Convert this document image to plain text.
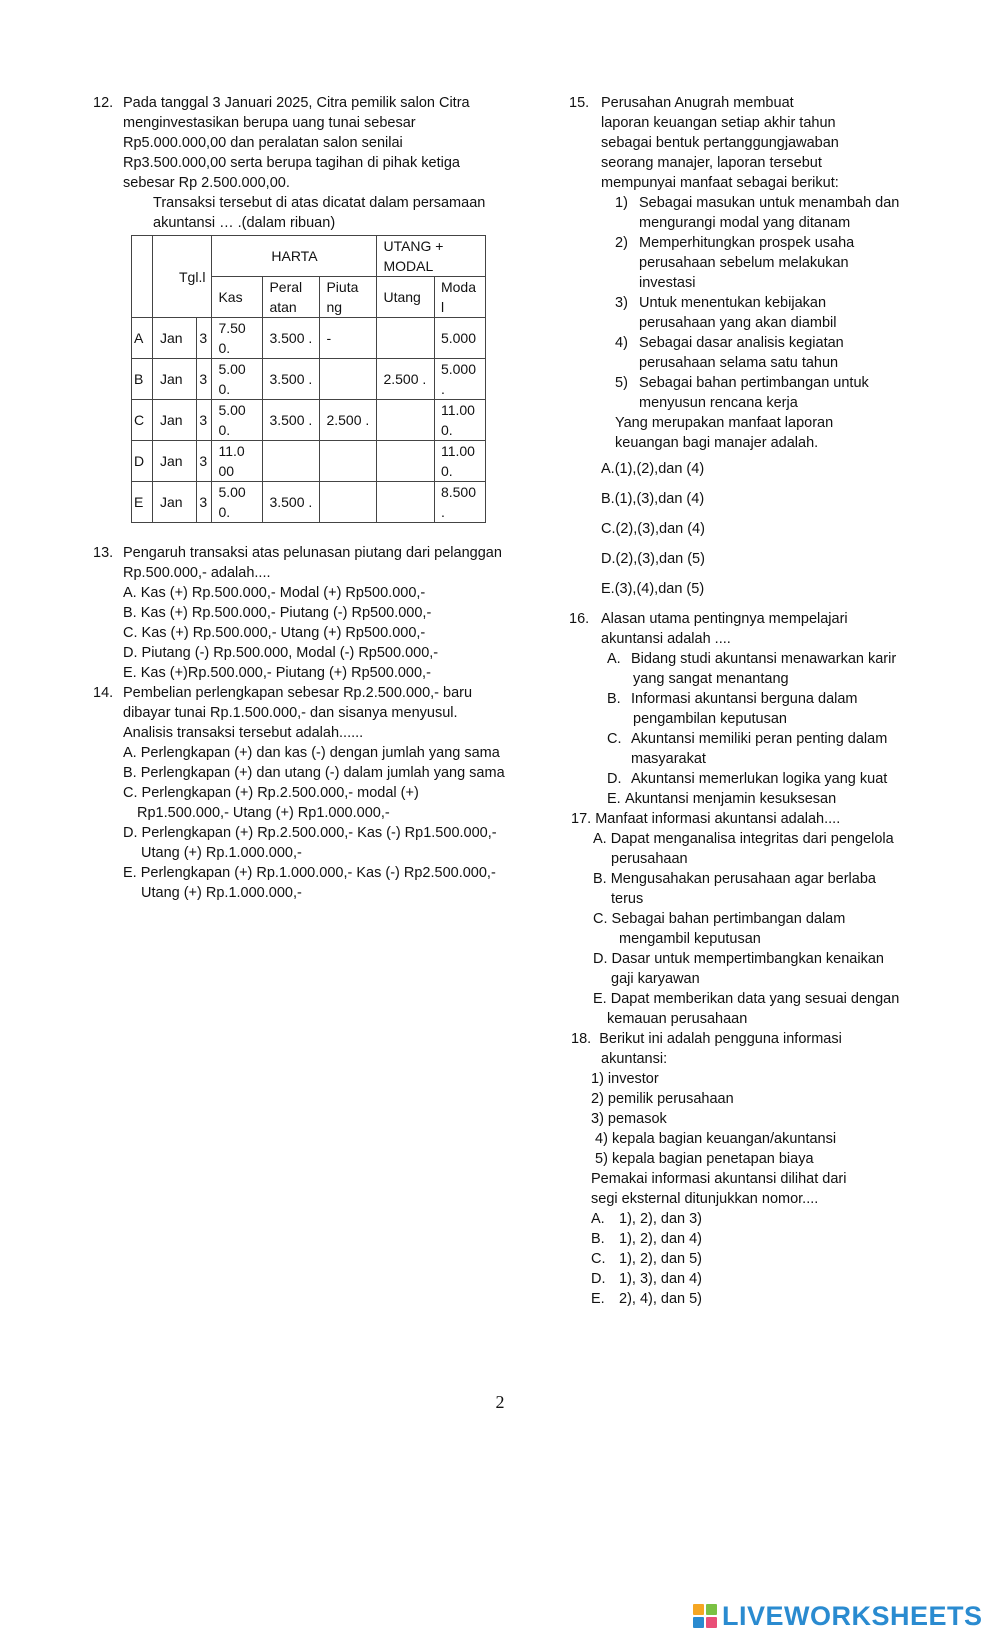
12. Pada tanggal 3 Januari 2025, Citra pemilik salon Citra
menginvestasikan berupa uang tunai sebesar
Rp5.000.000,00 dan peralatan salon senilai
Rp3.500.000,00 serta berupa tagihan di pihak ketiga
sebesar Rp 2.500.000,00.
Transaksi tersebut di atas dicatat dalam persamaan
akuntansi … .(dalam ribuan)
	Tgl.l		HARTA			UTANG + MODAL	
			Kas	Peral atan	Piuta ng	Utang	Moda l
A	Jan	3	7.50 0.	3.500 .	-		5.000
B	Jan	3	5.00 0.	3.500 .		2.500 .	5.000 .
C	Jan	3	5.00 0.	3.500 .	2.500 .		11.00 0.
D	Jan	3	11.0 00				11.00 0.
E	Jan	3	5.00 0.	3.500 .			8.500 .
13. Pengaruh transaksi atas pelunasan piutang dari pelanggan
Rp.500.000,- adalah....
A. Kas (+) Rp.500.000,- Modal (+) Rp500.000,-
B. Kas (+) Rp.500.000,- Piutang (-) Rp500.000,-
C. Kas (+) Rp.500.000,- Utang (+) Rp500.000,-
D. Piutang (-) Rp.500.000, Modal (-) Rp500.000,-
E. Kas (+)Rp.500.000,- Piutang (+) Rp500.000,-
14. Pembelian perlengkapan sebesar Rp.2.500.000,- baru
dibayar tunai Rp.1.500.000,- dan sisanya menyusul.
Analisis transaksi tersebut adalah......
A. Perlengkapan (+) dan kas (-) dengan jumlah yang sama
B. Perlengkapan (+) dan utang (-) dalam jumlah yang sama
C. Perlengkapan (+) Rp.2.500.000,- modal (+)
Rp1.500.000,- Utang (+) Rp1.000.000,-
D. Perlengkapan (+) Rp.2.500.000,- Kas (-) Rp1.500.000,-
Utang (+) Rp.1.000.000,-
E. Perlengkapan (+) Rp.1.000.000,- Kas (-) Rp2.500.000,-
Utang (+) Rp.1.000.000,-
15. Perusahan Anugrah membuat
laporan keuangan setiap akhir tahun
sebagai bentuk pertanggungjawaban
seorang manajer, laporan tersebut
mempunyai manfaat sebagai berikut:
1) Sebagai masukan untuk menambah dan
mengurangi modal yang ditanam
2) Memperhitungkan prospek usaha
perusahaan sebelum melakukan
investasi
3) Untuk menentukan kebijakan
perusahaan yang akan diambil
4) Sebagai dasar analisis kegiatan
perusahaan selama satu tahun
5) Sebagai bahan pertimbangan untuk
menyusun rencana kerja
Yang merupakan manfaat laporan
keuangan bagi manajer adalah.
A.(1),(2),dan (4)
B.(1),(3),dan (4)
C.(2),(3),dan (4)
D.(2),(3),dan (5)
E.(3),(4),dan (5)
16. Alasan utama pentingnya mempelajari
akuntansi adalah ....
A. Bidang studi akuntansi menawarkan karir
yang sangat menantang
B. Informasi akuntansi berguna dalam
pengambilan keputusan
C. Akuntansi memiliki peran penting dalam
masyarakat
D. Akuntansi memerlukan logika yang kuat
E. Akuntansi menjamin kesuksesan
17. Manfaat informasi akuntansi adalah....
A. Dapat menganalisa integritas dari pengelola
perusahaan
B. Mengusahakan perusahaan agar berlaba
terus
C. Sebagai bahan pertimbangan dalam
mengambil keputusan
D. Dasar untuk mempertimbangkan kenaikan
gaji karyawan
E. Dapat memberikan data yang sesuai dengan
kemauan perusahaan
18. Berikut ini adalah pengguna informasi
akuntansi:
1) investor
2) pemilik perusahaan
3) pemasok
4) kepala bagian keuangan/akuntansi
5) kepala bagian penetapan biaya
Pemakai informasi akuntansi dilihat dari
segi eksternal ditunjukkan nomor....
A. 1), 2), dan 3)
B. 1), 2), dan 4)
C. 1), 2), dan 5)
D. 1), 3), dan 4)
E. 2), 4), dan 5)
2
LIVEWORKSHEETS
